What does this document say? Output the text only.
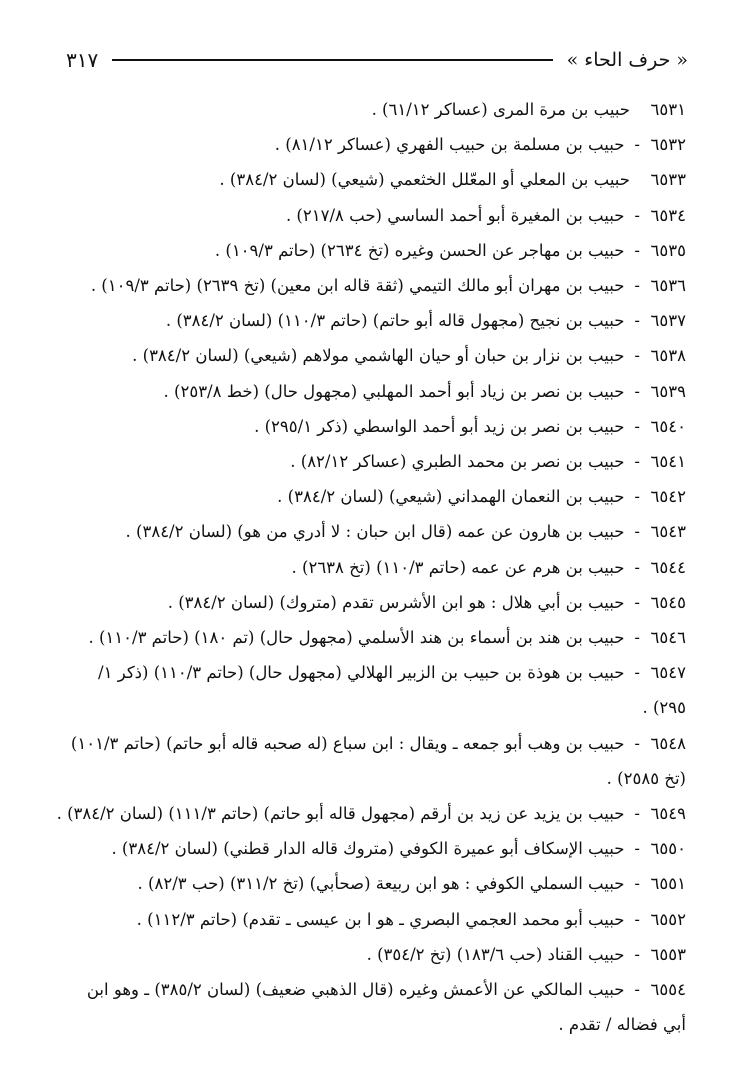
« حرف الحاء »
٣١٧
٦٥٣١حبيب بن مرة المرى (عساكر ٦١/١٢) .
٦٥٣٢-حبيب بن مسلمة بن حبيب الفهري (عساكر ٨١/١٢) .
٦٥٣٣حبيب بن المعلي أو المعّلل الخثعمي (شيعي) (لسان ٣٨٤/٢) .
٦٥٣٤-حبيب بن المغيرة أبو أحمد الساسي (حب ٢١٧/٨) .
٦٥٣٥-حبيب بن مهاجر عن الحسن وغيره (تخ ٢٦٣٤) (حاتم ١٠٩/٣) .
٦٥٣٦-حبيب بن مهران أبو مالك التيمي (ثقة قاله ابن معين) (تخ ٢٦٣٩) (حاتم ١٠٩/٣) .
٦٥٣٧-حبيب بن نجيح (مجهول قاله أبو حاتم) (حاتم ١١٠/٣) (لسان ٣٨٤/٢) .
٦٥٣٨-حبيب بن نزار بن حبان أو حيان الهاشمي مولاهم (شيعي) (لسان ٣٨٤/٢) .
٦٥٣٩-حبيب بن نصر بن زياد أبو أحمد المهلبي (مجهول حال) (خط ٢٥٣/٨) .
٦٥٤٠-حبيب بن نصر بن زيد أبو أحمد الواسطي (ذكر ٢٩٥/١) .
٦٥٤١-حبيب بن نصر بن محمد الطبري (عساكر ٨٢/١٢) .
٦٥٤٢-حبيب بن النعمان الهمداني (شيعي) (لسان ٣٨٤/٢) .
٦٥٤٣-حبيب بن هارون عن عمه (قال ابن حبان : لا أدري من هو) (لسان ٣٨٤/٢) .
٦٥٤٤-حبيب بن هرم عن عمه (حاتم ١١٠/٣) (تخ ٢٦٣٨) .
٦٥٤٥-حبيب بن أبي هلال : هو ابن الأشرس تقدم (متروك) (لسان ٣٨٤/٢) .
٦٥٤٦-حبيب بن هند بن أسماء بن هند الأسلمي (مجهول حال) (تم ١٨٠) (حاتم ١١٠/٣) .
٦٥٤٧-حبيب بن هوذة بن حبيب بن الزبير الهلالي (مجهول حال) (حاتم ١١٠/٣) (ذكر ١/ ٢٩٥) .
٦٥٤٨-حبيب بن وهب أبو جمعه ـ ويقال : ابن سباع (له صحبه قاله أبو حاتم) (حاتم ١٠١/٣) (تخ ٢٥٨٥) .
٦٥٤٩-حبيب بن يزيد عن زيد بن أرقم (مجهول قاله أبو حاتم) (حاتم ١١١/٣) (لسان ٣٨٤/٢) .
٦٥٥٠-حبيب الإسكاف أبو عميرة الكوفي (متروك قاله الدار قطني) (لسان ٣٨٤/٢) .
٦٥٥١-حبيب السملي الكوفي : هو ابن ربيعة (صحأبي) (تخ ٣١١/٢) (حب ٨٢/٣) .
٦٥٥٢-حبيب أبو محمد العجمي البصري ـ هو ا بن عيسى ـ تقدم) (حاتم ١١٢/٣) .
٦٥٥٣-حبيب القناد (حب ١٨٣/٦) (تخ ٣٥٤/٢) .
٦٥٥٤-حبيب المالكي عن الأعمش وغيره (قال الذهبي ضعيف) (لسان ٣٨٥/٢) ـ وهو ابن أبي فضاله / تقدم .
